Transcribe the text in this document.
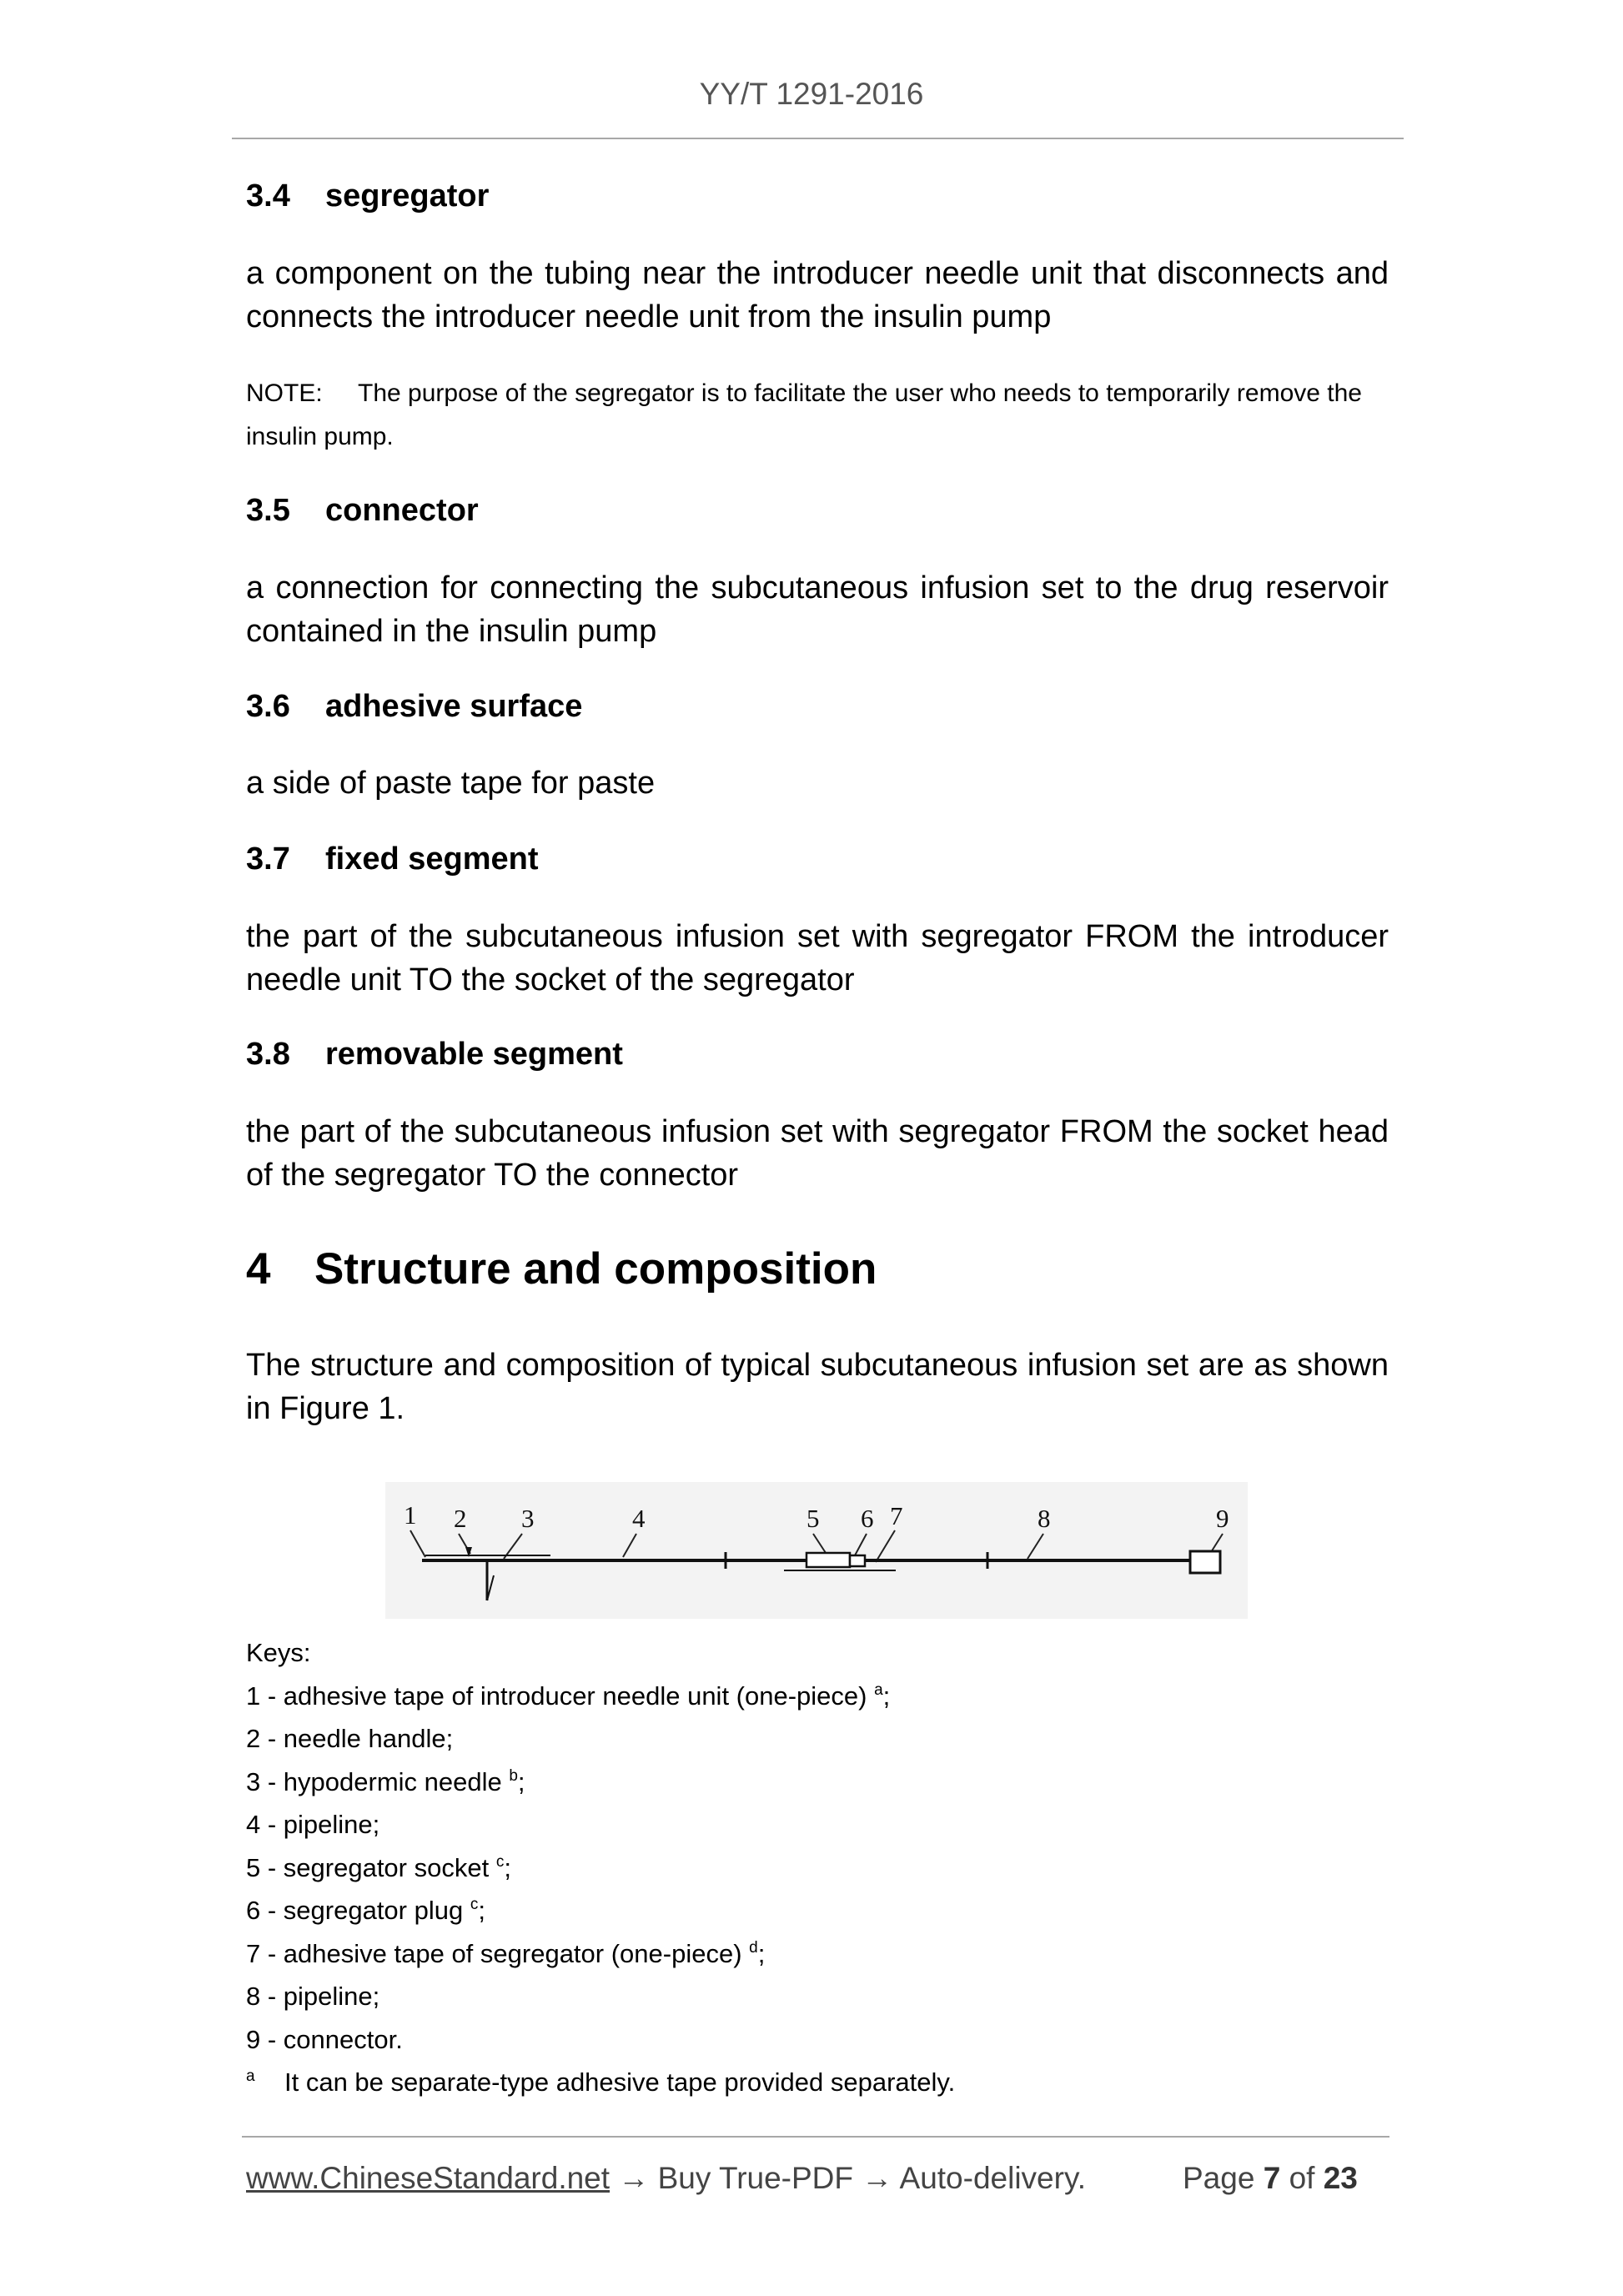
YY/T 1291-2016
3.4 segregator
a component on the tubing near the introducer needle unit that disconnects and connects the introducer needle unit from the insulin pump
NOTE: The purpose of the segregator is to facilitate the user who needs to temporarily remove the insulin pump.
3.5 connector
a connection for connecting the subcutaneous infusion set to the drug reservoir contained in the insulin pump
3.6 adhesive surface
a side of paste tape for paste
3.7 fixed segment
the part of the subcutaneous infusion set with segregator FROM the introducer needle unit TO the socket of the segregator
3.8 removable segment
the part of the subcutaneous infusion set with segregator FROM the socket head of the segregator TO the connector
4 Structure and composition
The structure and composition of typical subcutaneous infusion set are as shown in Figure 1.
1 2 3	4	5 6 7	8	9
Keys:
1 - adhesive tape of introducer needle unit (one-piece) $^a$;
2 - needle handle;
3 - hypodermic needle $^b$;
4 - pipeline;
5 - segregator socket $^c$;
6 - segregator plug $^c$;
7 - adhesive tape of segregator (one-piece) $^d$;
8 - pipeline;
9 - connector.
$^a$ It can be separate-type adhesive tape provided separately.
www.ChineseStandard.net → Buy True-PDF → Auto-delivery.	Page 7 of 23
